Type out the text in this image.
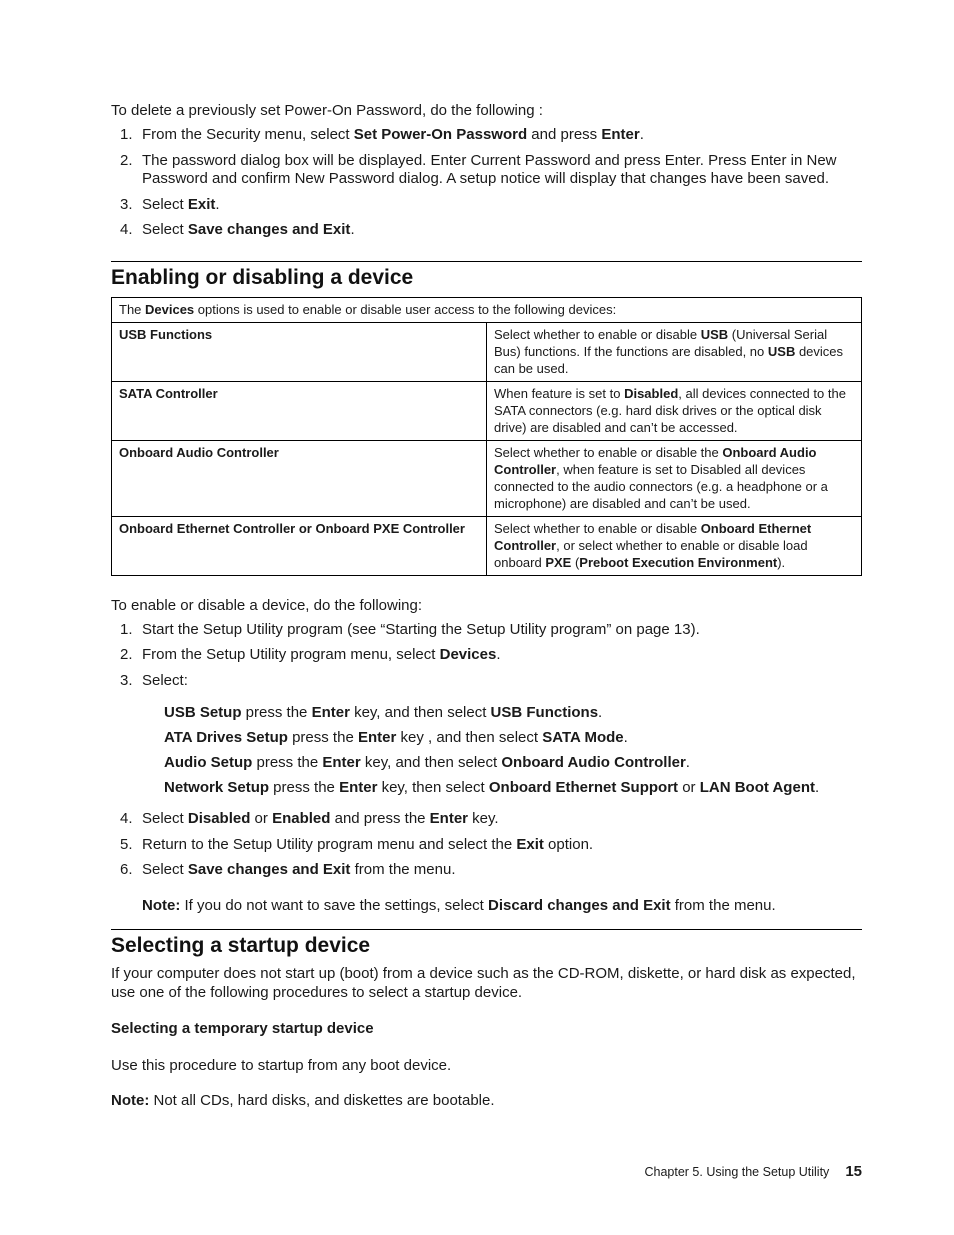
To delete a previously set Power-On Password, do the following :

1. From the Security menu, select Set Power-On Password and press Enter.
2. The password dialog box will be displayed. Enter Current Password and press Enter. Press Enter in New Password and confirm New Password dialog. A setup notice will display that changes have been saved.
3. Select Exit.
4. Select Save changes and Exit.
Enabling or disabling a device
The Devices options is used to enable or disable user access to the following devices:	
USB Functions	Select whether to enable or disable USB (Universal Serial Bus) functions. If the functions are disabled, no USB devices can be used.
SATA Controller	When feature is set to Disabled, all devices connected to the SATA connectors (e.g. hard disk drives or the optical disk drive) are disabled and can’t be accessed.
Onboard Audio Controller	Select whether to enable or disable the Onboard Audio Controller, when feature is set to Disabled all devices connected to the audio connectors (e.g. a headphone or a microphone) are disabled and can’t be used.
Onboard Ethernet Controller or Onboard PXE Controller	Select whether to enable or disable Onboard Ethernet Controller, or select whether to enable or disable load onboard PXE (Preboot Execution Environment).

To enable or disable a device, do the following:

1. Start the Setup Utility program (see “Starting the Setup Utility program” on page 13).
2. From the Setup Utility program menu, select Devices.
3. Select:
USB Setup press the Enter key, and then select USB Functions.
ATA Drives Setup press the Enter key , and then select SATA Mode.
Audio Setup press the Enter key, and then select Onboard Audio Controller.
Network Setup press the Enter key, then select Onboard Ethernet Support or LAN Boot Agent.
4. Select Disabled or Enabled and press the Enter key.
5. Return to the Setup Utility program menu and select the Exit option.
6. Select Save changes and Exit from the menu.

Note: If you do not want to save the settings, select Discard changes and Exit from the menu.

Selecting a startup device

If your computer does not start up (boot) from a device such as the CD-ROM, diskette, or hard disk as expected, use one of the following procedures to select a startup device.

Selecting a temporary startup device

Use this procedure to startup from any boot device.

Note: Not all CDs, hard disks, and diskettes are bootable.

Chapter 5. Using the Setup Utility 15
